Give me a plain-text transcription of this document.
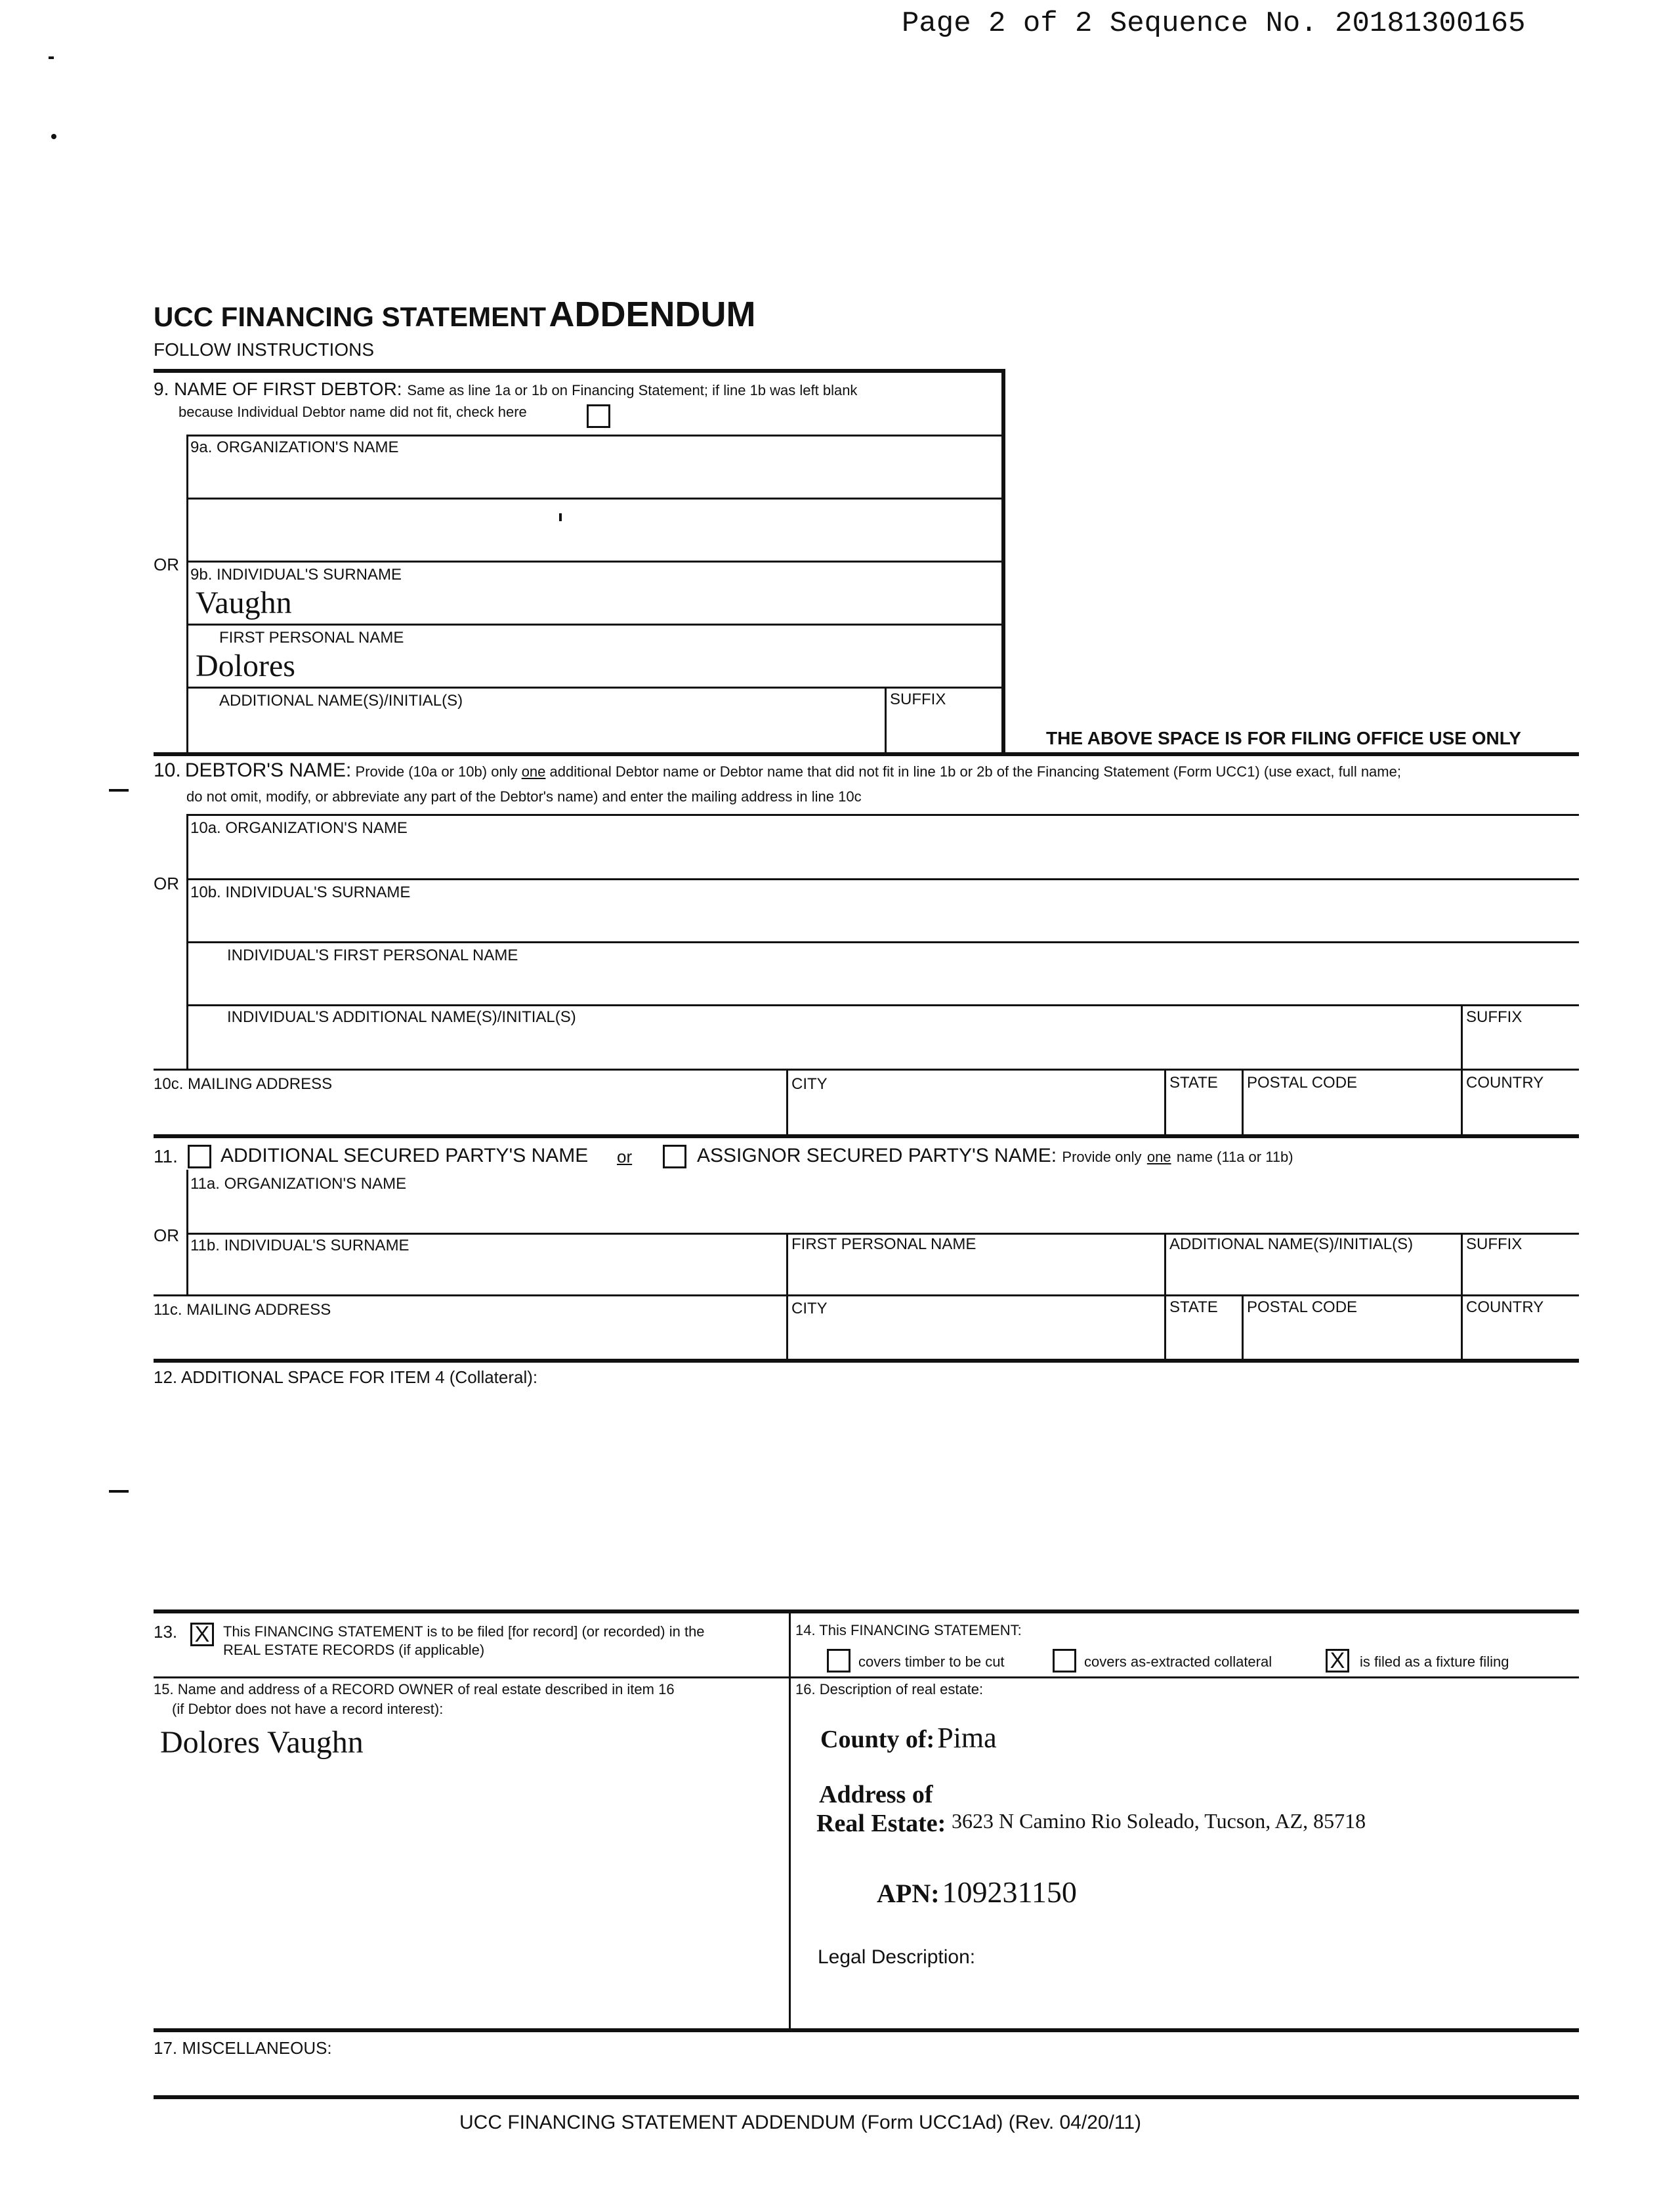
Page 2 of 2 Sequence No. 20181300165
UCC FINANCING STATEMENT ADDENDUM
FOLLOW INSTRUCTIONS
9. NAME OF FIRST DEBTOR: Same as line 1a or 1b on Financing Statement; if line 1b was left blank
because Individual Debtor name did not fit, check here
9a. ORGANIZATION'S NAME
OR
9b. INDIVIDUAL'S SURNAME
Vaughn
FIRST PERSONAL NAME
Dolores
ADDITIONAL NAME(S)/INITIAL(S)	SUFFIX
THE ABOVE SPACE IS FOR FILING OFFICE USE ONLY
10. DEBTOR'S NAME: Provide (10a or 10b) only one additional Debtor name or Debtor name that did not fit in line 1b or 2b of the Financing Statement (Form UCC1) (use exact, full name;
do not omit, modify, or abbreviate any part of the Debtor's name) and enter the mailing address in line 10c
10a. ORGANIZATION'S NAME
OR 10b. INDIVIDUAL'S SURNAME
INDIVIDUAL'S FIRST PERSONAL NAME
INDIVIDUAL'S ADDITIONAL NAME(S)/INITIAL(S)	SUFFIX
10c. MAILING ADDRESS	CITY	STATE POSTAL CODE	COUNTRY
11. ADDITIONAL SECURED PARTY'S NAME or	ASSIGNOR SECURED PARTY'S NAME: Provide only one name (11a or 11b)
11a. ORGANIZATION'S NAME
OR
11b. INDIVIDUAL'S SURNAME	FIRST PERSONAL NAME	ADDITIONAL NAME(S)/INITIAL(S)	SUFFIX
11c. MAILING ADDRESS	CITY	STATE POSTAL CODE	COUNTRY
12. ADDITIONAL SPACE FOR ITEM 4 (Collateral):
13. X This FINANCING STATEMENT is to be filed [for record] (or recorded) in the
REAL ESTATE RECORDS (if applicable)
14. This FINANCING STATEMENT:
covers timber to be cut	covers as-extracted collateral	X	is filed as a fixture filing
15. Name and address of a RECORD OWNER of real estate described in item 16
(if Debtor does not have a record interest):
Dolores Vaughn
16. Description of real estate:
County of: Pima
Address of
Real Estate: 3623 N Camino Rio Soleado, Tucson, AZ, 85718
APN: 109231150
Legal Description:
17. MISCELLANEOUS:
UCC FINANCING STATEMENT ADDENDUM (Form UCC1Ad) (Rev. 04/20/11)
